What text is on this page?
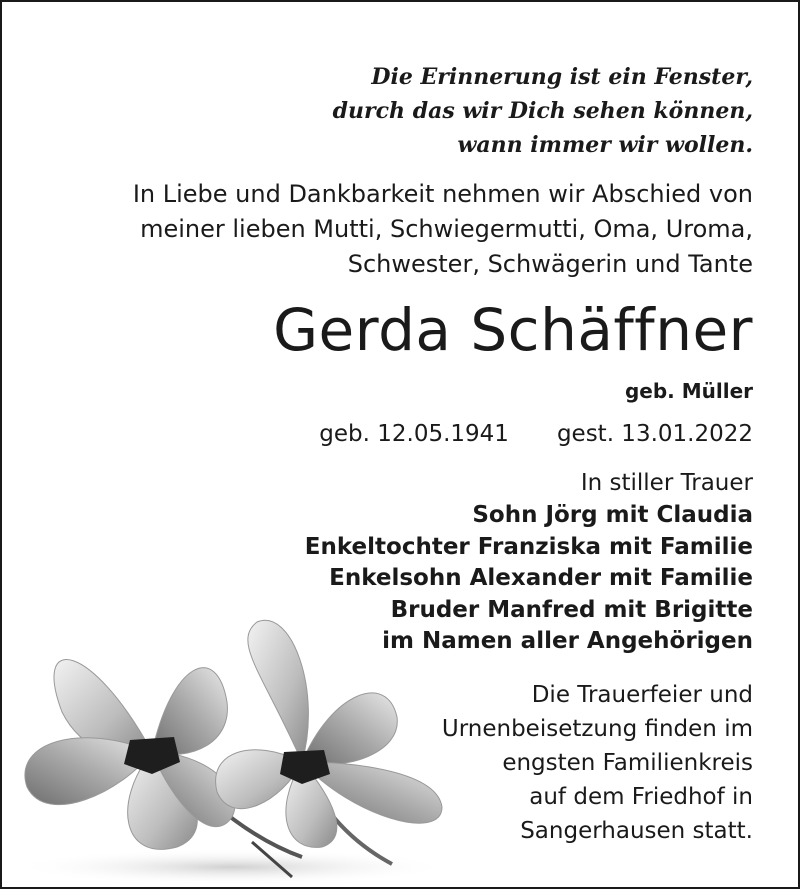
Die Erinnerung ist ein Fenster,
durch das wir Dich sehen können,
wann immer wir wollen.
In Liebe und Dankbarkeit nehmen wir Abschied von
meiner lieben Mutti, Schwiegermutti, Oma, Uroma,
Schwester, Schwägerin und Tante
Gerda Schäffner
geb. Müller
geb. 12.05.1941 gest. 13.01.2022
In stiller Trauer
Sohn Jörg mit Claudia
Enkeltochter Franziska mit Familie
Enkelsohn Alexander mit Familie
Bruder Manfred mit Brigitte
im Namen aller Angehörigen
Die Trauerfeier und
Urnenbeisetzung finden im
engsten Familienkreis
auf dem Friedhof in
Sangerhausen statt.
